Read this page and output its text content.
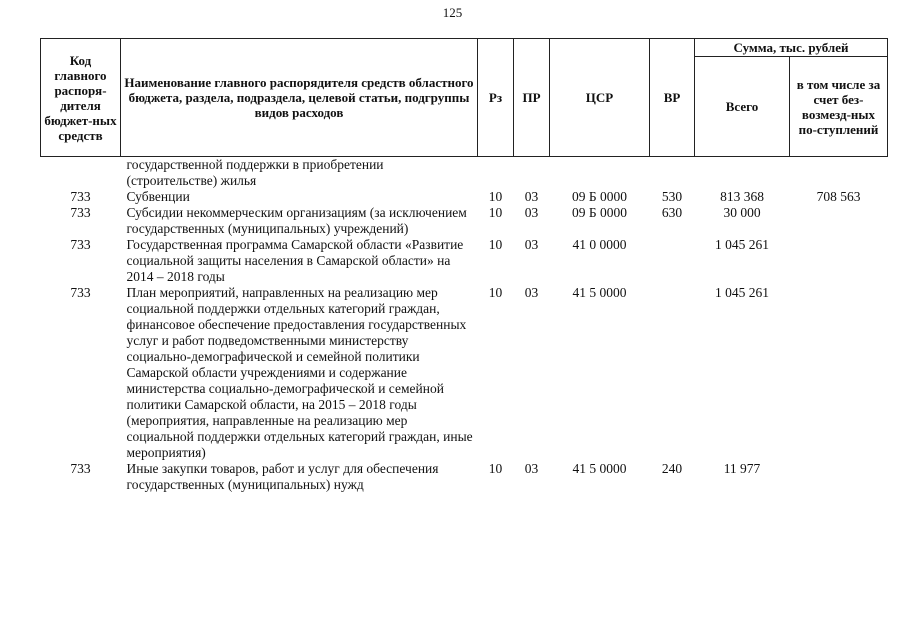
125
Код главного распоря-дителя бюджет-ных средств	Наименование главного распорядителя средств областного бюджета, раздела, подраздела, целевой статьи, подгруппы видов расходов	Рз	ПР	ЦСР	ВР	Сумма, тыс. рублей	
						Всего	в том числе за счет без-возмезд-ных по-ступлений
	государственной поддержки в приобретении (строительстве) жилья						
733	Субвенции	10	03	09 Б 0000	530	813 368	708 563
733	Субсидии некоммерческим организациям (за исключением государственных (муниципальных) учреждений)	10	03	09 Б 0000	630	30 000	
733	Государственная программа Самарской области «Развитие социальной защиты населения в Самарской области» на 2014 – 2018 годы	10	03	41 0 0000		1 045 261	
733	План мероприятий, направленных на реализацию мер социальной поддержки отдельных категорий граждан, финансовое обеспечение предоставления государственных услуг и работ подведомственными министерству социально-демографической и семейной политики Самарской области учреждениями и содержание министерства социально-демографической и семейной политики Самарской области, на 2015 – 2018 годы (мероприятия, направленные на реализацию мер социальной поддержки отдельных категорий граждан, иные мероприятия)	10	03	41 5 0000		1 045 261	
733	Иные закупки товаров, работ и услуг для обеспечения государственных (муниципальных) нужд	10	03	41 5 0000	240	11 977	
